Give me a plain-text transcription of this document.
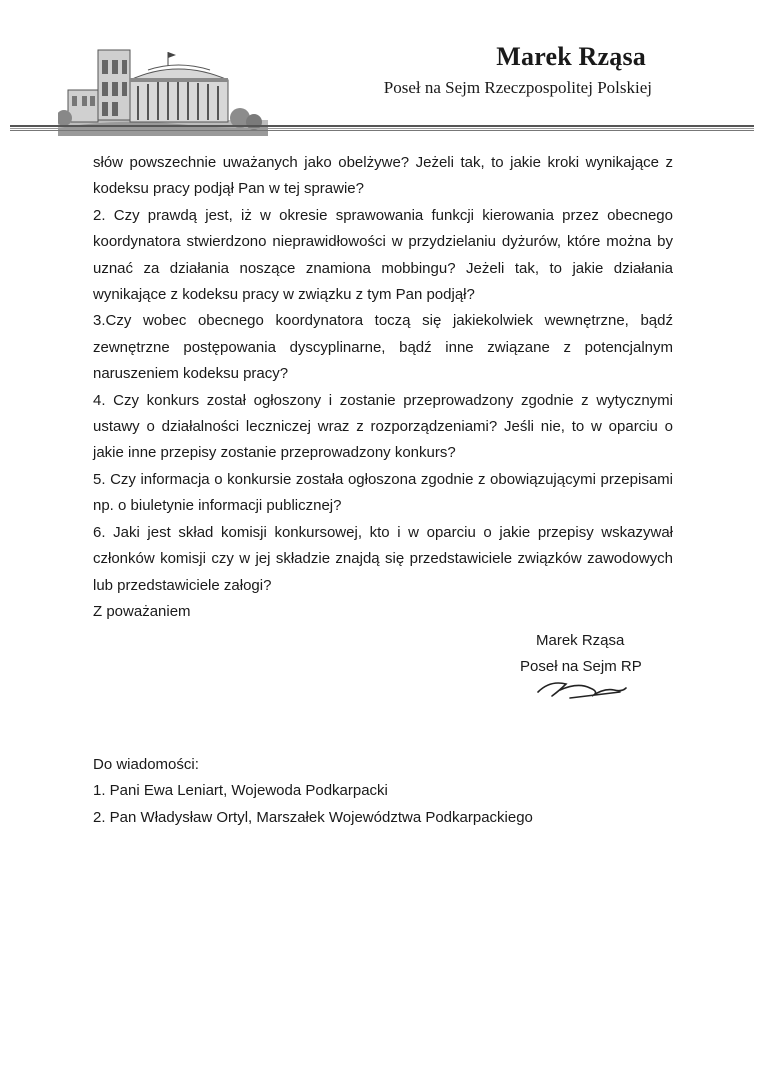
Marek Rząsa
Poseł na Sejm Rzeczpospolitej Polskiej

słów powszechnie uważanych jako obelżywe? Jeżeli tak, to jakie kroki wynikające z kodeksu pracy podjął Pan w tej sprawie?

2. Czy prawdą jest, iż w okresie sprawowania funkcji kierowania przez obecnego koordynatora stwierdzono nieprawidłowości w przydzielaniu dyżurów, które można by uznać za działania noszące znamiona mobbingu? Jeżeli tak, to jakie działania wynikające z kodeksu pracy w związku z tym Pan podjął?

3.Czy wobec obecnego koordynatora toczą się jakiekolwiek wewnętrzne, bądź zewnętrzne postępowania dyscyplinarne, bądź inne związane z potencjalnym naruszeniem kodeksu pracy?

4. Czy konkurs został ogłoszony i zostanie przeprowadzony zgodnie z wytycznymi ustawy o działalności leczniczej wraz z rozporządzeniami? Jeśli nie, to w oparciu o jakie inne przepisy zostanie przeprowadzony konkurs?

5. Czy informacja o konkursie została ogłoszona zgodnie z obowiązującymi przepisami np. o biuletynie informacji publicznej?

6. Jaki jest skład komisji konkursowej, kto i w oparciu o jakie przepisy wskazywał członków komisji czy w jej składzie znajdą się przedstawiciele związków zawodowych lub przedstawiciele załogi?

Z poważaniem

Marek Rząsa
Poseł na Sejm RP
Do wiadomości:
1. Pani Ewa Leniart, Wojewoda Podkarpacki
2. Pan Władysław Ortyl, Marszałek Województwa Podkarpackiego
